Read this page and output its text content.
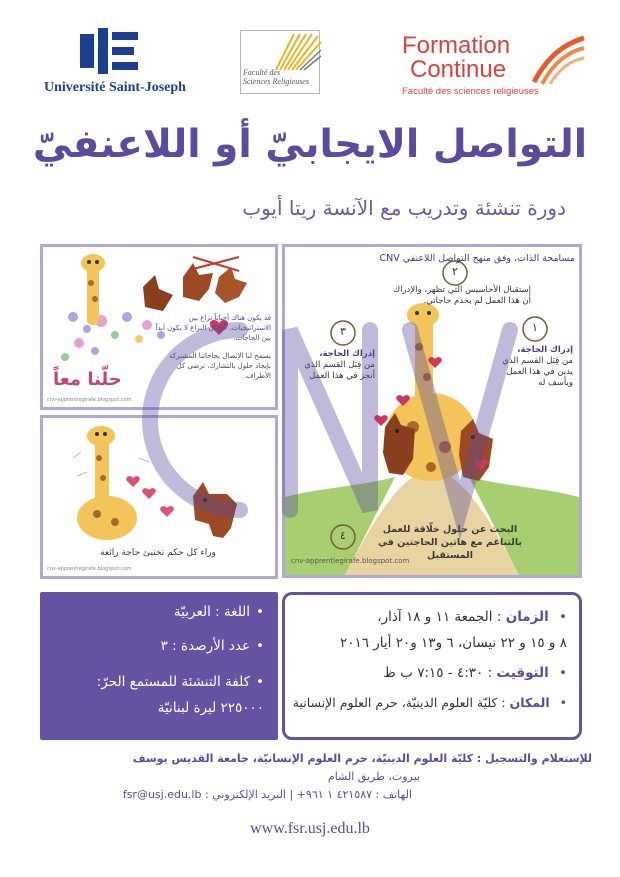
Université Saint-Joseph
Faculté des
Sciences Religieuses
Formation
Continue
Faculté des sciences religieuses
التواصل الايجابيّ أو اللاعنفيّ
دورة تنشئة وتدريب مع الآنسة ريتا أيوب
قد يكون هناك أحياناً نزاع بين الاستراتيجيات، عن أن النزاع لا يكون أبداً بين الحاجات.
يسمح لنا الإتصال بحاجاتنا المشتركة بإيجاد حلول بالتشارك، ترضي كل الأطراف.
حلّنا معاً
cnv-apprentiegirafe.blogspot.com
وراء كل حكم تختبئ حاجة رائعة
cnv-apprentiegirafe.blogspot.com
مسامحة الذات، وفق منهج التواصل اللاعنفي CNV
٢
إستقبال الأحاسيس التي تظهر، والإدراك أن هذا العمل لم يخدم حاجاتي.
١
إدراك الحاجة،
من قِبَل القسم الذي يدين في هذا العمل ويأسف له
٣
إدراك الحاجة،
من قِبَل القسم الذي أنجز في هذا العمل
٤	البحث عن حلول خلّاقة للعمل بالتناغم مع هاتين الحاجتين في المستقبل
cnv-apprentiegirafe.blogspot.com
• اللغة : العربيّة
• عدد الأرصدة : ٣
• كلفة التنشئة للمستمع الحرّ:
٢٢٥٠٠٠ ليرة لبنانيّة
• الزمان : الجمعة ١١ و ١٨ آذار،
٨ و ١٥ و ٢٢ نيسان، ٦ و١٣ و٢٠ أيار ٢٠١٦
• التوقيت : ٤:٣٠ - ٧:١٥ ب ظ
• المكان : كليّة العلوم الدينيّة، حرم العلوم الإنسانية
للإستعلام والتسجيل : كليّة العلوم الدينيّة، حرم العلوم الإنسانيّة، جامعة القديس يوسف
بيروت، طريق الشام
الهاتف : ٤٢١٥٨٧ ١ ٩٦١+ | البريد الإلكتروني : fsr@usj.edu.lb
www.fsr.usj.edu.lb
